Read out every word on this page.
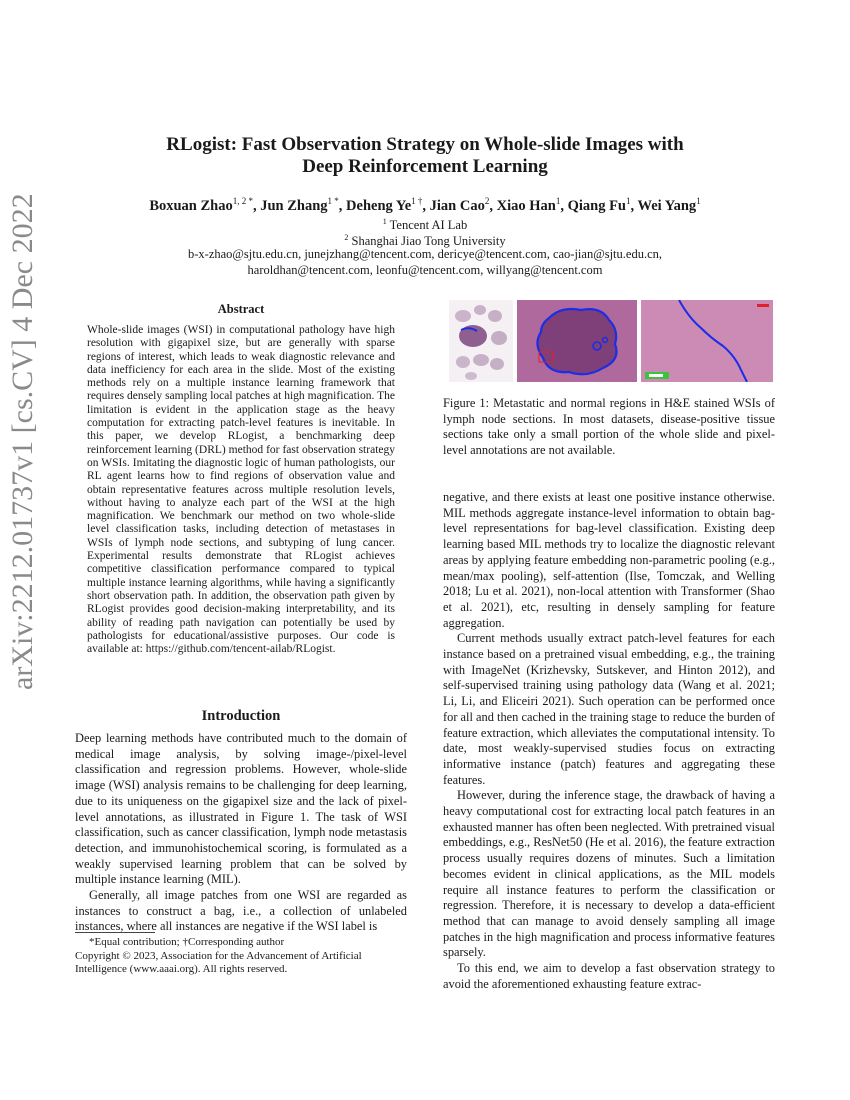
arXiv:2212.01737v1 [cs.CV] 4 Dec 2022
RLogist: Fast Observation Strategy on Whole-slide Images with
Deep Reinforcement Learning
Boxuan Zhao$^{1, 2 *}$, Jun Zhang$^{1 *}$, Deheng $Ye^{1 \dagger}$, Jian Cao$^2$, Xiao Han$^1$, Qiang Fu$^1$, Wei Yang$^1$
$^1$ Tencent AI Lab
$^2$ Shanghai Jiao Tong University
b-x-zhao@sjtu.edu.cn, junejzhang@tencent.com, dericye@tencent.com, cao-jian@sjtu.edu.cn,
haroldhan@tencent.com, leonfu@tencent.com, willyang@tencent.com
Abstract
Whole-slide images (WSI) in computational pathology have high resolution with gigapixel size, but are generally with sparse regions of interest, which leads to weak diagnostic relevance and data inefficiency for each area in the slide. Most of the existing methods rely on a multiple instance learning framework that requires densely sampling local patches at high magnification. The limitation is evident in the application stage as the heavy computation for extracting patch-level features is inevitable. In this paper, we develop RLogist, a benchmarking deep reinforcement learning (DRL) method for fast observation strategy on WSIs. Imitating the diagnostic logic of human pathologists, our RL agent learns how to find regions of observation value and obtain representative features across multiple resolution levels, without having to analyze each part of the WSI at the high magnification. We benchmark our method on two whole-slide level classification tasks, including detection of metastases in WSIs of lymph node sections, and subtyping of lung cancer. Experimental results demonstrate that RLogist achieves competitive classification performance compared to typical multiple instance learning algorithms, while having a significantly short observation path. In addition, the observation path given by RLogist provides good decision-making interpretability, and its ability of reading path navigation can potentially be used by pathologists for educational/assistive purposes. Our code is available at: https://github.com/tencent-ailab/RLogist.
Introduction

Deep learning methods have contributed much to the domain of medical image analysis, by solving image-/pixel-level classification and regression problems. However, whole-slide image (WSI) analysis remains to be challenging for deep learning, due to its uniqueness on the gigapixel size and the lack of pixel-level annotations, as illustrated in Figure 1. The task of WSI classification, such as cancer classification, lymph node metastasis detection, and immunohistochemical scoring, is formulated as a weakly supervised learning problem that can be solved by multiple instance learning (MIL).

Generally, all image patches from one WSI are regarded as instances to construct a bag, i.e., a collection of unlabeled instances, where all instances are negative if the WSI label is

*Equal contribution; †Corresponding author
Copyright © 2023, Association for the Advancement of Artificial Intelligence (www.aaai.org). All rights reserved.
Figure 1: Metastatic and normal regions in H&E stained WSIs of lymph node sections. In most datasets, disease-positive tissue sections take only a small portion of the whole slide and pixel-level annotations are not available.

negative, and there exists at least one positive instance otherwise. MIL methods aggregate instance-level information to obtain bag-level representations for bag-level classification. Existing deep learning based MIL methods try to localize the diagnostic relevant areas by applying feature embedding non-parametric pooling (e.g., mean/max pooling), self-attention (Ilse, Tomczak, and Welling 2018; Lu et al. 2021), non-local attention with Transformer (Shao et al. 2021), etc, resulting in densely sampling for feature aggregation.

Current methods usually extract patch-level features for each instance based on a pretrained visual embedding, e.g., the training with ImageNet (Krizhevsky, Sutskever, and Hinton 2012), and self-supervised training using pathology data (Wang et al. 2021; Li, Li, and Eliceiri 2021). Such operation can be performed once for all and then cached in the training stage to reduce the burden of feature extraction, which alleviates the computational intensity. To date, most weakly-supervised studies focus on extracting informative instance (patch) features and aggregating these features.

However, during the inference stage, the drawback of having a heavy computational cost for extracting local patch features in an exhausted manner has often been neglected. With pretrained visual embeddings, e.g., ResNet50 (He et al. 2016), the feature extraction process usually requires dozens of minutes. Such a limitation becomes evident in clinical applications, as the MIL models require all instance features to perform the classification or regression. Therefore, it is necessary to develop a data-efficient method that can manage to avoid densely sampling all image patches in the high magnification and process informative features sparsely.

To this end, we aim to develop a fast observation strategy to avoid the aforementioned exhausting feature extrac-
